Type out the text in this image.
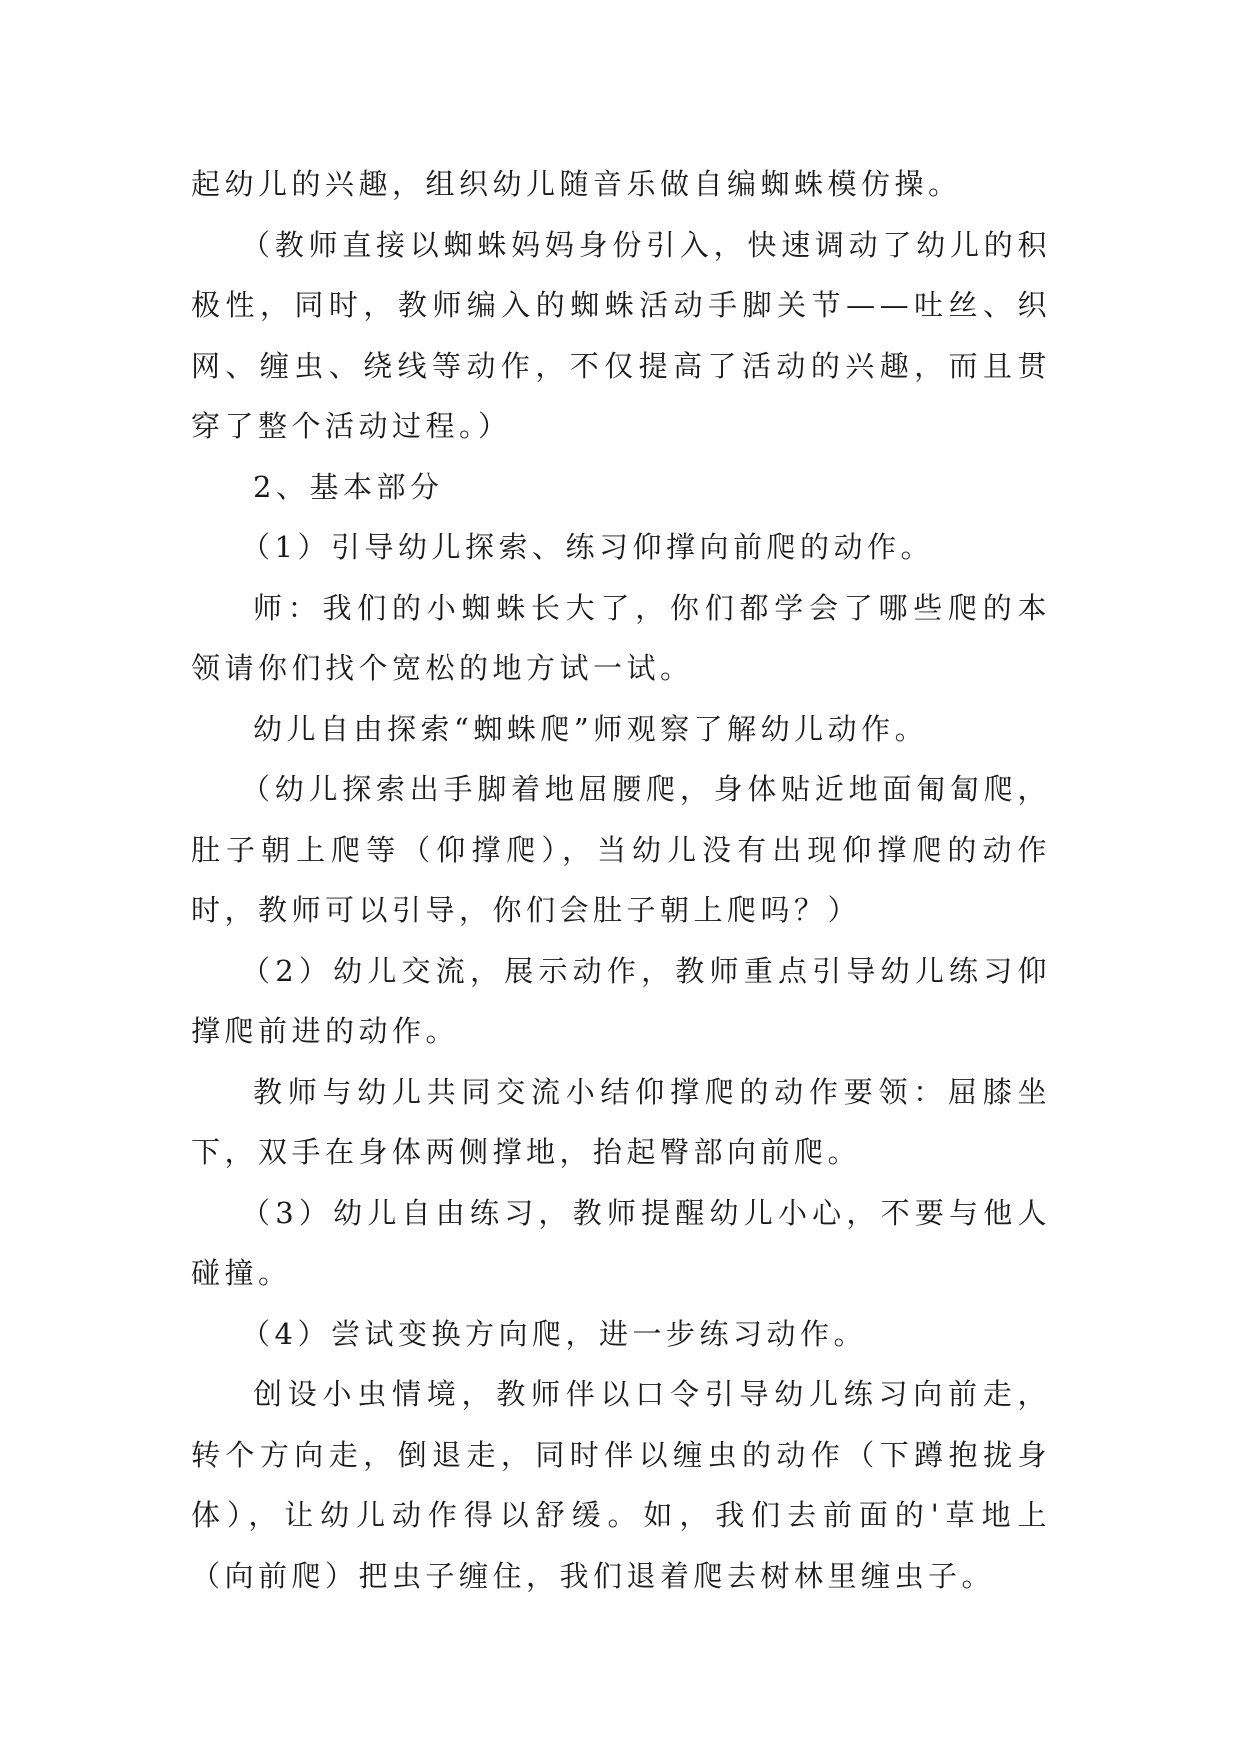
起幼儿的兴趣，组织幼儿随音乐做自编蜘蛛模仿操。

（教师直接以蜘蛛妈妈身份引入，快速调动了幼儿的积极性，同时，教师编入的蜘蛛活动手脚关节——吐丝、织网、缠虫、绕线等动作，不仅提高了活动的兴趣，而且贯穿了整个活动过程。）

2、基本部分

（1）引导幼儿探索、练习仰撑向前爬的动作。

师：我们的小蜘蛛长大了，你们都学会了哪些爬的本领请你们找个宽松的地方试一试。

幼儿自由探索“蜘蛛爬”师观察了解幼儿动作。

（幼儿探索出手脚着地屈腰爬，身体贴近地面匍匐爬，肚子朝上爬等（仰撑爬），当幼儿没有出现仰撑爬的动作时，教师可以引导，你们会肚子朝上爬吗？）

（2）幼儿交流，展示动作，教师重点引导幼儿练习仰撑爬前进的动作。

教师与幼儿共同交流小结仰撑爬的动作要领：屈膝坐下，双手在身体两侧撑地，抬起臀部向前爬。

（3）幼儿自由练习，教师提醒幼儿小心，不要与他人碰撞。

（4）尝试变换方向爬，进一步练习动作。

创设小虫情境，教师伴以口令引导幼儿练习向前走，转个方向走，倒退走，同时伴以缠虫的动作（下蹲抱拢身体），让幼儿动作得以舒缓。如，我们去前面的'草地上（向前爬）把虫子缠住，我们退着爬去树林里缠虫子。
